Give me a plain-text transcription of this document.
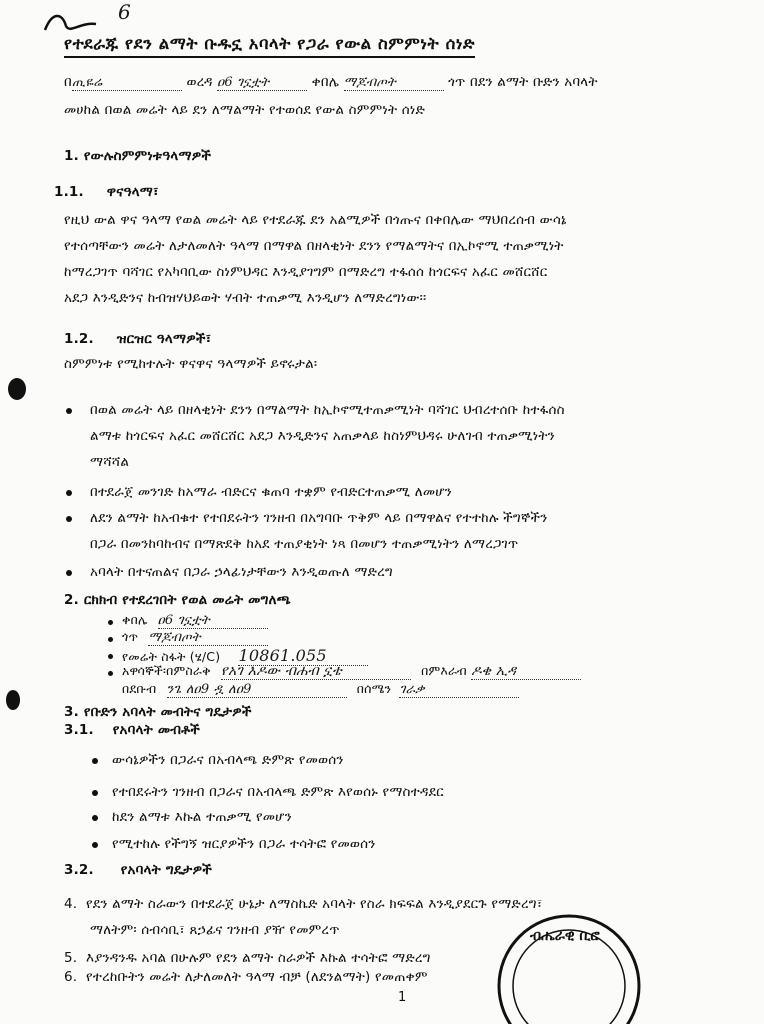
6
የተደራጁ የደን ልማት ቡዱኗ አባላት የጋራ የውል ስምምነት ሰነድ
በጢዬሬ	ወረዳ ዐ6 ገኗቷት	ቀበሌ ማጆብጦት	ጎጥ በደን ልማት ቡድን አባላት
መሀከል በወል መሬት ላይ ደን ለማልማት የተወሰደ የውል ስምምነት ሰነድ
1. የውሉስምምነቱዓላማዎች
1.1. ዋናዓላማ፣
የዚህ ውል ዋና ዓላማ የወል መሬት ላይ የተደራጁ ደን አልሚዎች በጎጡና በቀበሌው ማህበረሰብ ውሳኔ
የተሰጣቸውን መሬት ለታለመለት ዓላማ በማዋል በዘላቂነት ደንን የማልማትና በኢኮኖሚ ተጠቃሚነት
ከማረጋገጥ ባሻገር የአካባቢው ስነምህዳር እንዲያገግም በማድረግ ተፋሰሰ ከጎርፍና አፈር መሸርሸር
አደጋ እንዲድንና ከብዝሃህይወት ሃብት ተጠቃሚ እንዲሆን ለማድረግነው፡፡
1.2. ዝርዝር ዓላማዎች፣
ስምምነቱ የሚከተሉት ዋናዋና ዓላማዎች ይኖሩታል፡
በወል መሬት ላይ በዘላቂነት ደንን በማልማት ከኢኮኖሚተጠቃሚነት ባሻገር ህብረተሰቡ ከተፋሰስ
ልማቱ ከጎርፍና አፈር መሸርሸር አደጋ እንዲድንና አጠቃላይ ከስነምህዳሩ ሁለገብ ተጠቃሚነትን
ማሻሻል
በተደራጀ መንገድ ከአማራ ብድርና ቁጠባ ተቋም የብድርተጠቃሚ ለመሆን
ለደን ልማት ከአብቁተ የተበደሩትን ገንዘብ በአግባቡ ጥቅም ላይ በማዋልና የተተከሉ ችግኞችን
በጋራ በመንከባከብና በማጽደቅ ከአደ ተጠያቂነት ነጻ በመሆን ተጠቃሚነትን ለማረጋገጥ
አባላት በተናጠልና በጋራ ኃላፊነታቸውን እንዲወጡለ ማድረግ
2. ርክክብ የተደረገበት የወል መሬት መግለጫ
ቀበሌ ዐ6 ገኗቷት
ጎጥ ማጆብጦት
የመሬት ስፋት (ሄ/C) 10861.055
አዋሳኞች፡በምስራቅ የአገ እዶው ብሐብ ኗቴ	በምእራብ ዶቄ ኢዳ
በደቡብ ንጌ ለዐ9 ዷ ለዐ9	በሰሜን ገራቃ
3. የቡድን አባላት መብትና ግዴታዎች
3.1. የአባላት መብቶች
ውሳኔዎችን በጋራና በአብላጫ ድምጽ የመወሰን
የተበደሩትን ገንዘብ በጋራና በአብላጫ ድምጽ እየወሰኑ የማስተዳደር
ከደን ልማቱ እኩል ተጠቃሚ የመሆን
የሚተከሉ የችግኝ ዝርያዎችን በጋራ ተሳትፎ የመወሰን
3.2. የአባላት ግዴታዎች
4. የደን ልማት ስራውን በተደራጀ ሁኔታ ለማስኬድ አባላት የስራ ክፍፍል እንዲያደርጉ የማድረግ፣
ማለትም፡ ሰብሳቢ፣ ጸኃፊና ገንዘብ ያዥ የመምረጥ
5. እያንዳንዱ አባል በሁሉም የደን ልማት ስራዎች እኩል ተሳትፎ ማድረግ
6. የተረከቡትን መሬት ለታለመለት ዓላማ ብቻ (ለደንልማት) የመጠቀም
ብሔራዊ ቢሮ
1
